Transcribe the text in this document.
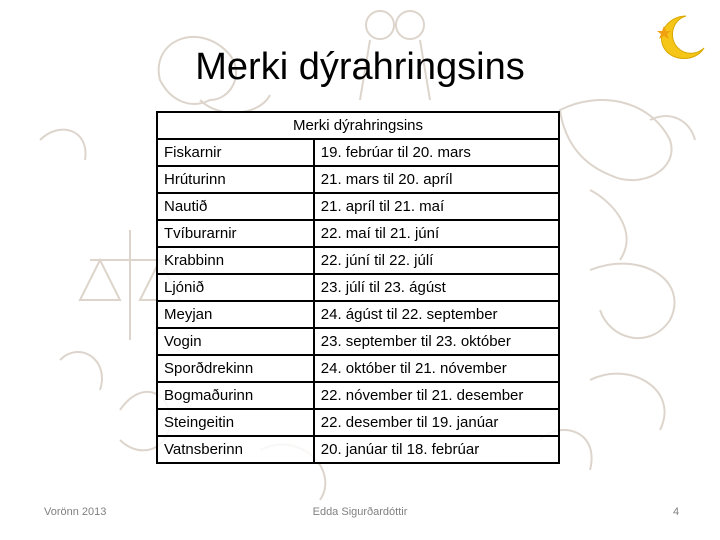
Merki dýrahringsins
Merki dýrahringsins	
Fiskarnir	19. febrúar til 20. mars
Hrúturinn	21. mars til 20. apríl
Nautið	21. apríl til 21. maí
Tvíburarnir	22. maí til 21. júní
Krabbinn	22. júní til 22. júlí
Ljónið	23. júlí til 23. ágúst
Meyjan	24. ágúst til 22. september
Vogin	23. september til 23. október
Sporðdrekinn	24. október til 21. nóvember
Bogmaðurinn	22. nóvember til 21. desember
Steingeitin	22. desember til 19. janúar
Vatnsberinn	20. janúar til 18. febrúar
Vorönn 2013	Edda Sigurðardóttir	4
